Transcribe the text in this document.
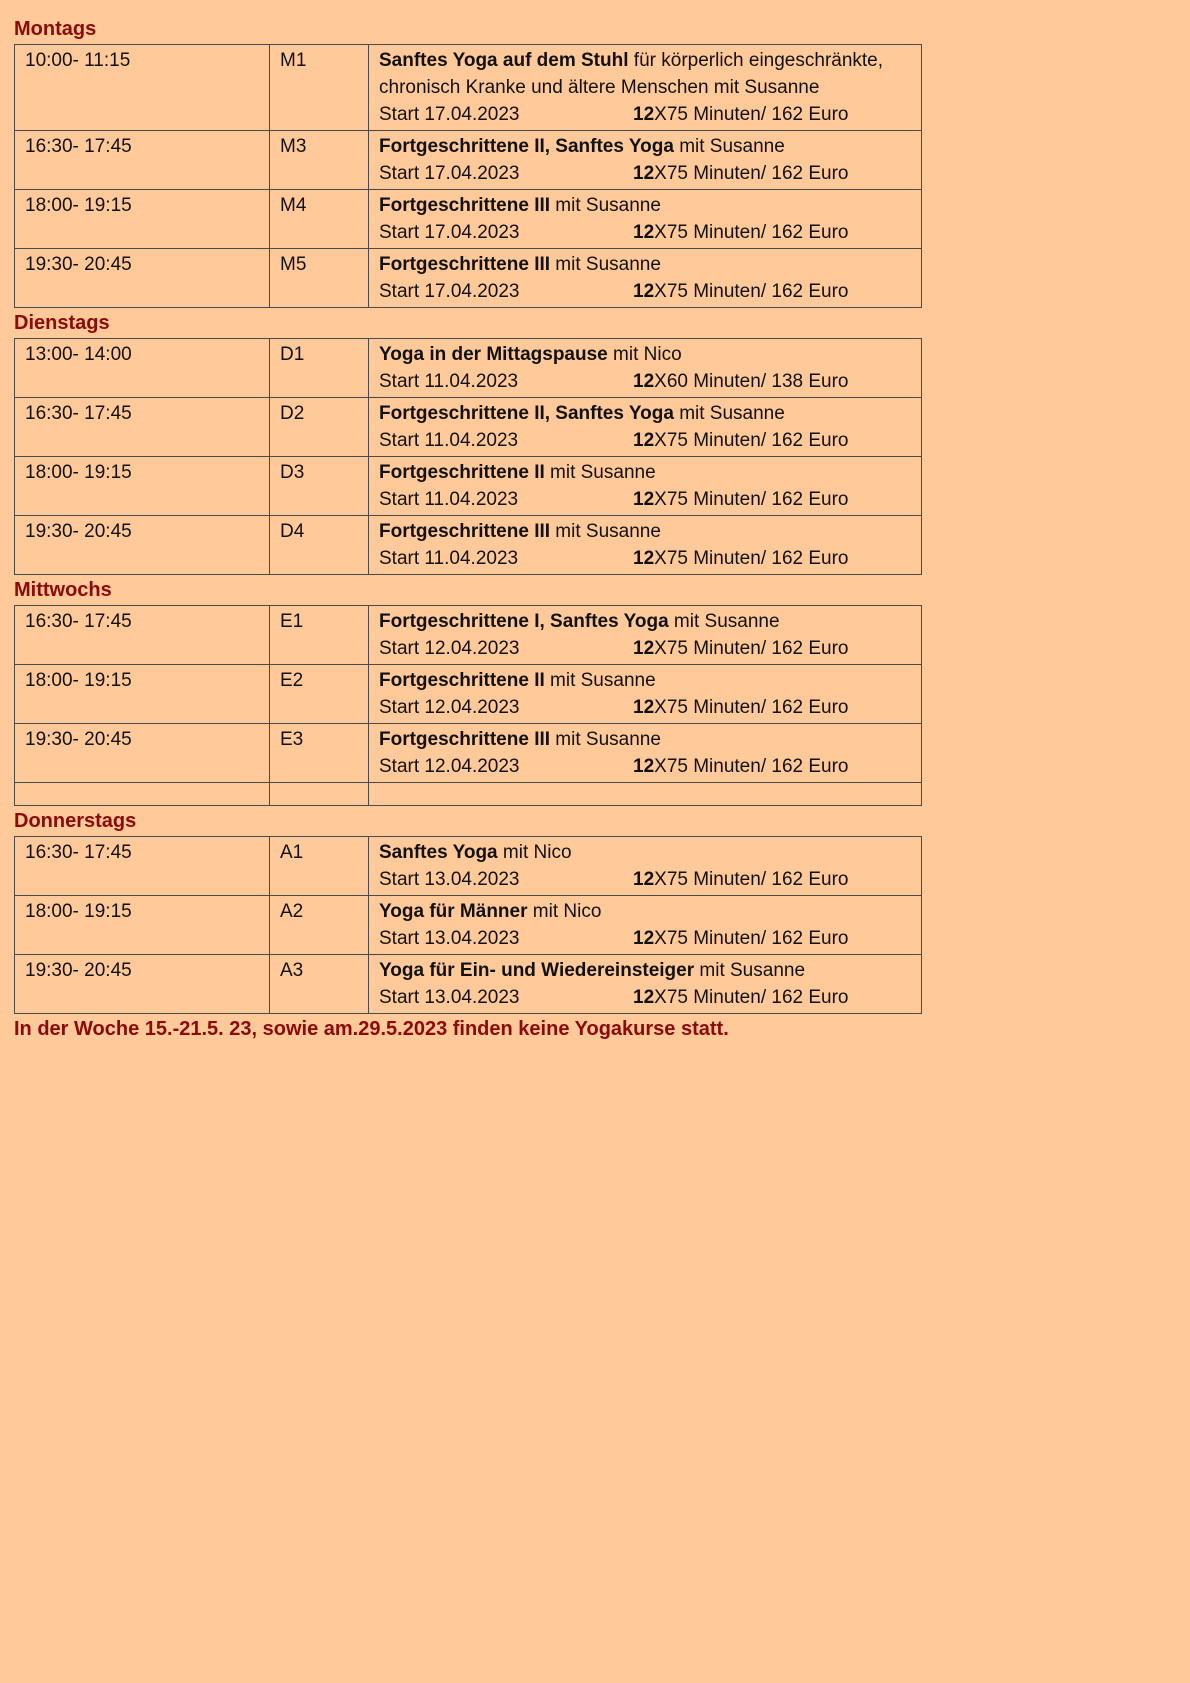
Montags

10:00- 11:15	M1	Sanftes Yoga auf dem Stuhl für körperlich eingeschränkte, chronisch Kranke und ältere Menschen mit Susanne
Start 17.04.2023 12X75 Minuten/ 162 Euro

16:30- 17:45	M3	Fortgeschrittene II, Sanftes Yoga mit Susanne
Start 17.04.2023 12X75 Minuten/ 162 Euro

18:00- 19:15	M4	Fortgeschrittene III mit Susanne
Start 17.04.2023 12X75 Minuten/ 162 Euro

19:30- 20:45	M5	Fortgeschrittene III mit Susanne
Start 17.04.2023 12X75 Minuten/ 162 Euro

Dienstags

13:00- 14:00	D1	Yoga in der Mittagspause mit Nico
Start 11.04.2023 12X60 Minuten/ 138 Euro

16:30- 17:45	D2	Fortgeschrittene II, Sanftes Yoga mit Susanne
Start 11.04.2023 12X75 Minuten/ 162 Euro

18:00- 19:15	D3	Fortgeschrittene II mit Susanne
Start 11.04.2023 12X75 Minuten/ 162 Euro

19:30- 20:45	D4	Fortgeschrittene III mit Susanne
Start 11.04.2023 12X75 Minuten/ 162 Euro

Mittwochs

16:30- 17:45	E1	Fortgeschrittene I, Sanftes Yoga mit Susanne
Start 12.04.2023 12X75 Minuten/ 162 Euro

18:00- 19:15	E2	Fortgeschrittene II mit Susanne
Start 12.04.2023 12X75 Minuten/ 162 Euro

19:30- 20:45	E3	Fortgeschrittene III mit Susanne
Start 12.04.2023 12X75 Minuten/ 162 Euro

Donnerstags

16:30- 17:45	A1	Sanftes Yoga mit Nico
Start 13.04.2023 12X75 Minuten/ 162 Euro

18:00- 19:15	A2	Yoga für Männer mit Nico
Start 13.04.2023 12X75 Minuten/ 162 Euro

19:30- 20:45	A3	Yoga für Ein- und Wiedereinsteiger mit Susanne
Start 13.04.2023 12X75 Minuten/ 162 Euro

In der Woche 15.-21.5. 23, sowie am.29.5.2023 finden keine Yogakurse statt.
